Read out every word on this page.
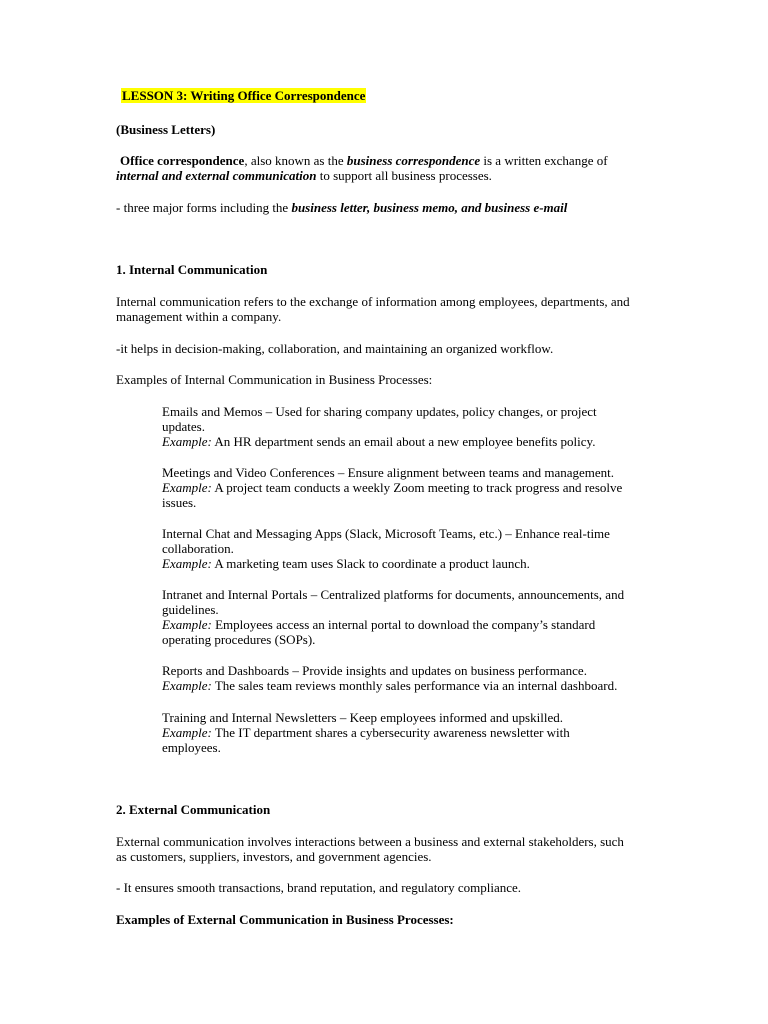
LESSON 3: Writing Office Correspondence

(Business Letters)

Office correspondence, also known as the business correspondence is a written exchange of
internal and external communication to support all business processes.

- three major forms including the business letter, business memo, and business e-mail

1. Internal Communication

Internal communication refers to the exchange of information among employees, departments, and
management within a company.

-it helps in decision-making, collaboration, and maintaining an organized workflow.

Examples of Internal Communication in Business Processes:

Emails and Memos – Used for sharing company updates, policy changes, or project
updates.
Example: An HR department sends an email about a new employee benefits policy.

Meetings and Video Conferences – Ensure alignment between teams and management.
Example: A project team conducts a weekly Zoom meeting to track progress and resolve
issues.

Internal Chat and Messaging Apps (Slack, Microsoft Teams, etc.) – Enhance real-time
collaboration.
Example: A marketing team uses Slack to coordinate a product launch.

Intranet and Internal Portals – Centralized platforms for documents, announcements, and
guidelines.
Example: Employees access an internal portal to download the company’s standard
operating procedures (SOPs).

Reports and Dashboards – Provide insights and updates on business performance.
Example: The sales team reviews monthly sales performance via an internal dashboard.

Training and Internal Newsletters – Keep employees informed and upskilled.
Example: The IT department shares a cybersecurity awareness newsletter with
employees.

2. External Communication

External communication involves interactions between a business and external stakeholders, such
as customers, suppliers, investors, and government agencies.

- It ensures smooth transactions, brand reputation, and regulatory compliance.

Examples of External Communication in Business Processes:
